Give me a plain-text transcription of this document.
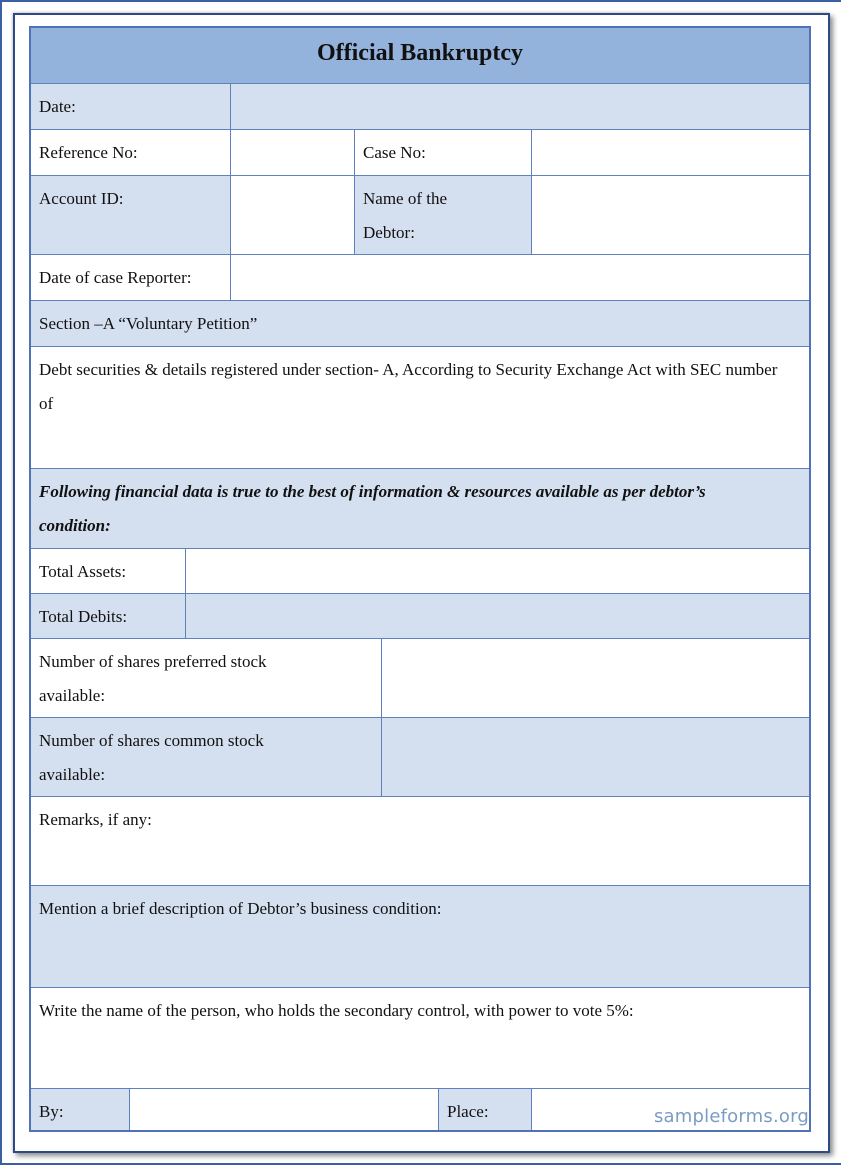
Official Bankruptcy
Date:
Reference No:	Case No:
Account ID:	Name of the Debtor:
Date of case Reporter:
Section –A “Voluntary Petition”
Debt securities & details registered under section- A, According to Security Exchange Act with SEC number of
Following financial data is true to the best of information & resources available as per debtor’s condition:
Total Assets:
Total Debits:
Number of shares preferred stock available:
Number of shares common stock available:
Remarks, if any:
Mention a brief description of Debtor’s business condition:
Write the name of the person, who holds the secondary control, with power to vote 5%:
By:	Place:	sampleforms.org
